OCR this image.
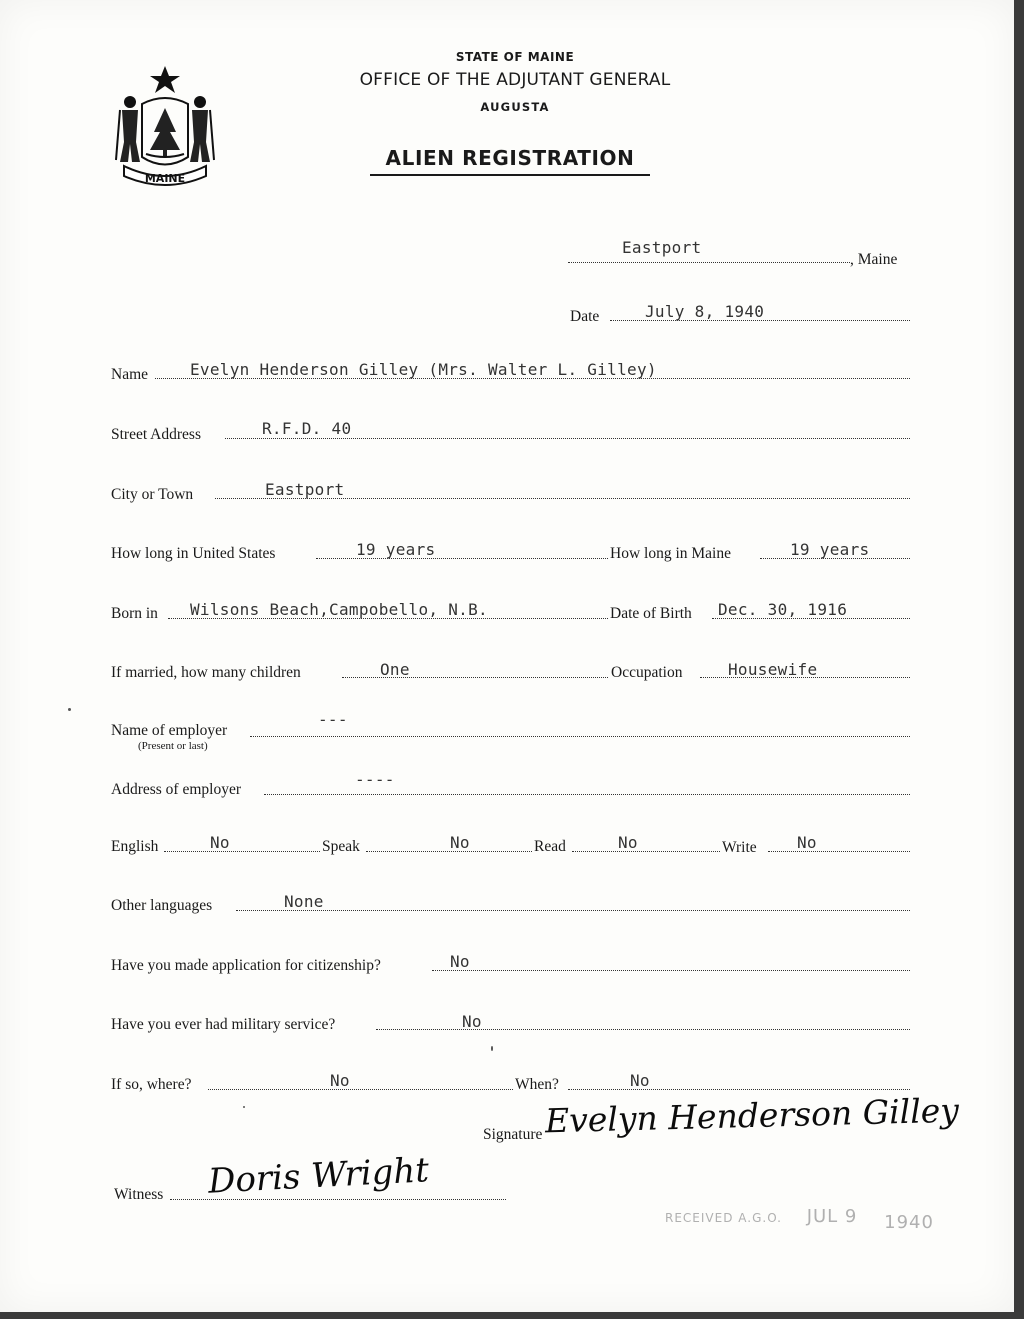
MAINE
STATE OF MAINE
OFFICE OF THE ADJUTANT GENERAL
AUGUSTA
ALIEN REGISTRATION
Eastport
, Maine
Date	July 8, 1940
Name	Evelyn Henderson Gilley (Mrs. Walter L. Gilley)
Street Address	R.F.D. 40
City or Town	Eastport
How long in United States	19 years	How long in Maine	19 years
Born in Wilsons Beach,Campobello, N.B.	Date of Birth Dec. 30, 1916
If married, how many children	One	Occupation	Housewife
Name of employer
(Present or last)
---
Address of employer
----
English	No	Speak	No	Read	No	Write	No
Other languages	None
Have you made application for citizenship?	No
Have you ever had military service?	No
If so, where?	No	When?	No
Signature Evelyn Henderson Gilley
Witness Doris Wright
RECEIVED A.G.O. JUL 9 1940
